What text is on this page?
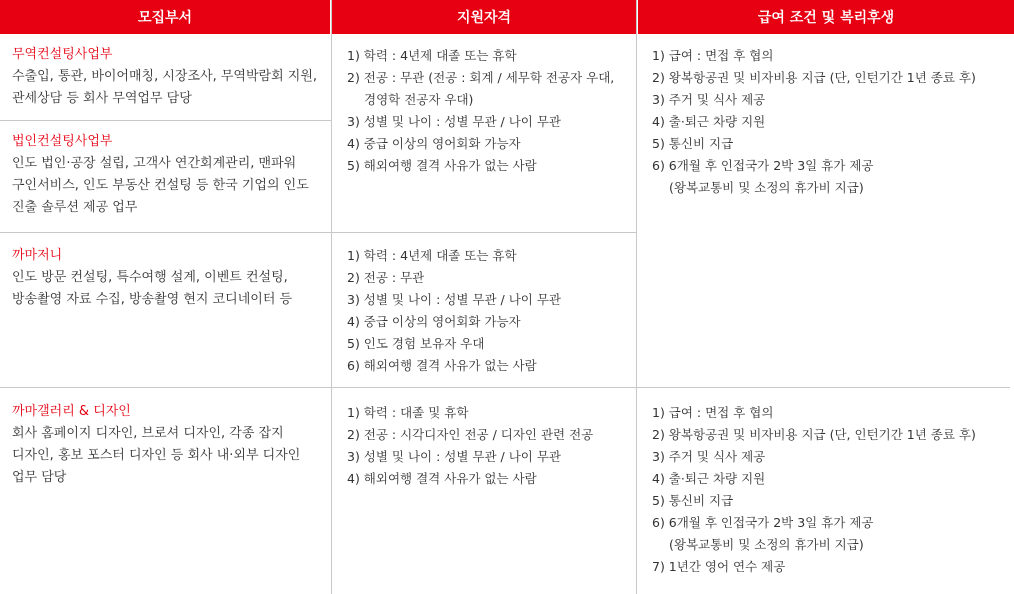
모집부서	지원자격	급여 조건 및 복리후생
무역컨설팅사업부
수출입, 통관, 바이어매칭, 시장조사, 무역박람회 지원,
관세상담 등 회사 무역업무 담당
법인컨설팅사업부
인도 법인·공장 설립, 고객사 연간회계관리, 맨파워
구인서비스, 인도 부동산 컨설팅 등 한국 기업의 인도
진출 솔루션 제공 업무
까마저니
인도 방문 컨설팅, 특수여행 설계, 이벤트 컨설팅,
방송촬영 자료 수집, 방송촬영 현지 코디네이터 등
까마갤러리 & 디자인
회사 홈페이지 디자인, 브로셔 디자인, 각종 잡지
디자인, 홍보 포스터 디자인 등 회사 내·외부 디자인
업무 담당
1) 학력 : 4년제 대졸 또는 휴학
2) 전공 : 무관 (전공 : 회계 / 세무학 전공자 우대,
경영학 전공자 우대)
3) 성별 및 나이 : 성별 무관 / 나이 무관
4) 중급 이상의 영어회화 가능자
5) 해외여행 결격 사유가 없는 사람
1) 학력 : 4년제 대졸 또는 휴학
2) 전공 : 무관
3) 성별 및 나이 : 성별 무관 / 나이 무관
4) 중급 이상의 영어회화 가능자
5) 인도 경험 보유자 우대
6) 해외여행 결격 사유가 없는 사람
1) 학력 : 대졸 및 휴학
2) 전공 : 시각디자인 전공 / 디자인 관련 전공
3) 성별 및 나이 : 성별 무관 / 나이 무관
4) 해외여행 결격 사유가 없는 사람
1) 급여 : 면접 후 협의
2) 왕복항공권 및 비자비용 지급 (단, 인턴기간 1년 종료 후)
3) 주거 및 식사 제공
4) 출·퇴근 차량 지원
5) 통신비 지급
6) 6개월 후 인접국가 2박 3일 휴가 제공
(왕복교통비 및 소정의 휴가비 지급)
1) 급여 : 면접 후 협의
2) 왕복항공권 및 비자비용 지급 (단, 인턴기간 1년 종료 후)
3) 주거 및 식사 제공
4) 출·퇴근 차량 지원
5) 통신비 지급
6) 6개월 후 인접국가 2박 3일 휴가 제공
(왕복교통비 및 소정의 휴가비 지급)
7) 1년간 영어 연수 제공
